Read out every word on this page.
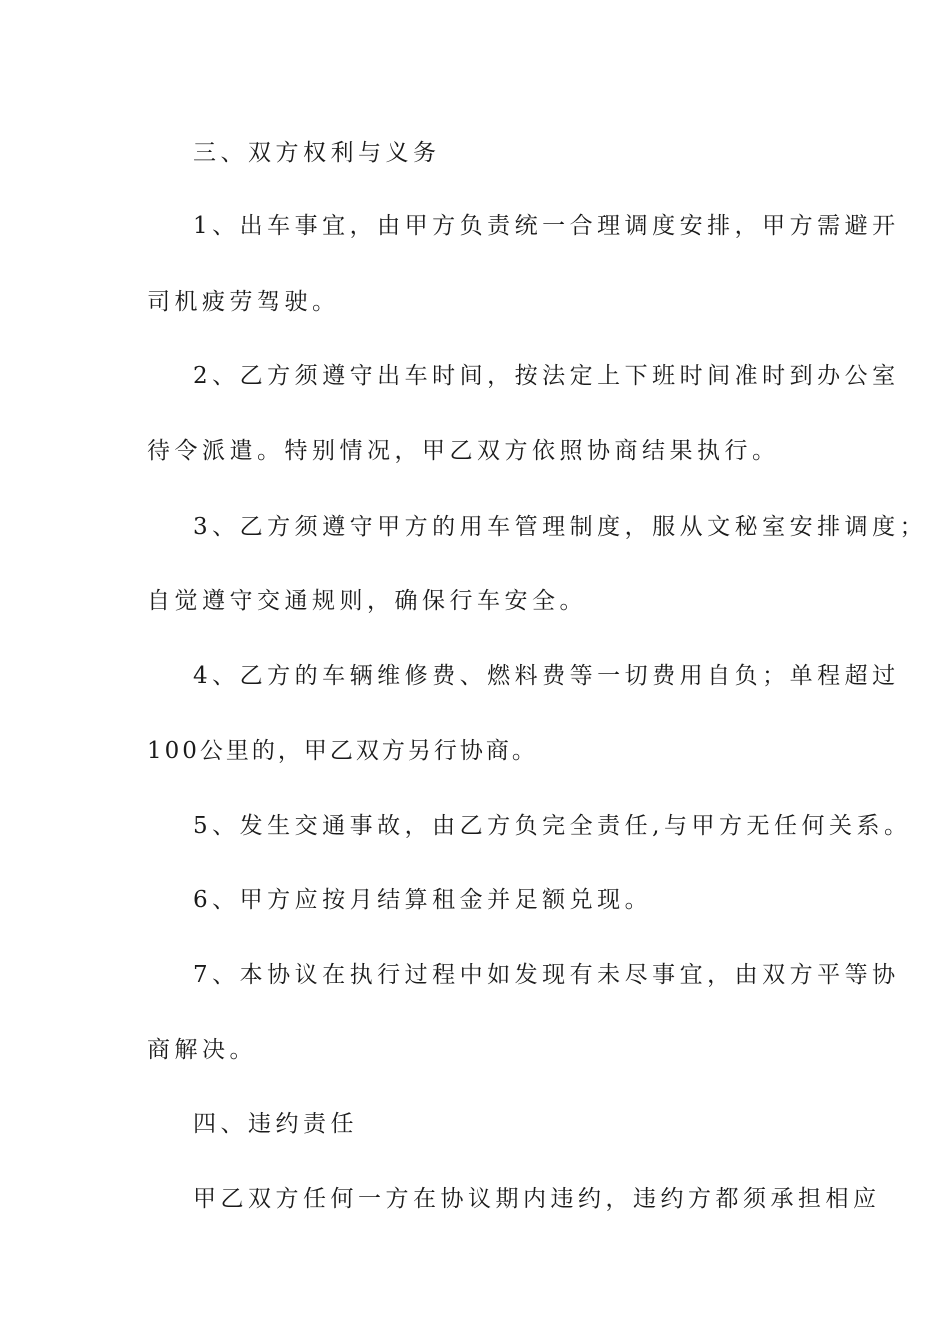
三、双方权利与义务
1、出车事宜，由甲方负责统一合理调度安排，甲方需避开
司机疲劳驾驶。
2、乙方须遵守出车时间，按法定上下班时间准时到办公室
待令派遣。特别情况，甲乙双方依照协商结果执行。
3、乙方须遵守甲方的用车管理制度，服从文秘室安排调度；
自觉遵守交通规则，确保行车安全。
4、乙方的车辆维修费、燃料费等一切费用自负；单程超过
100公里的，甲乙双方另行协商。
5、发生交通事故，由乙方负完全责任,与甲方无任何关系。
6、甲方应按月结算租金并足额兑现。
7、本协议在执行过程中如发现有未尽事宜，由双方平等协
商解决。
四、违约责任
甲乙双方任何一方在协议期内违约，违约方都须承担相应
